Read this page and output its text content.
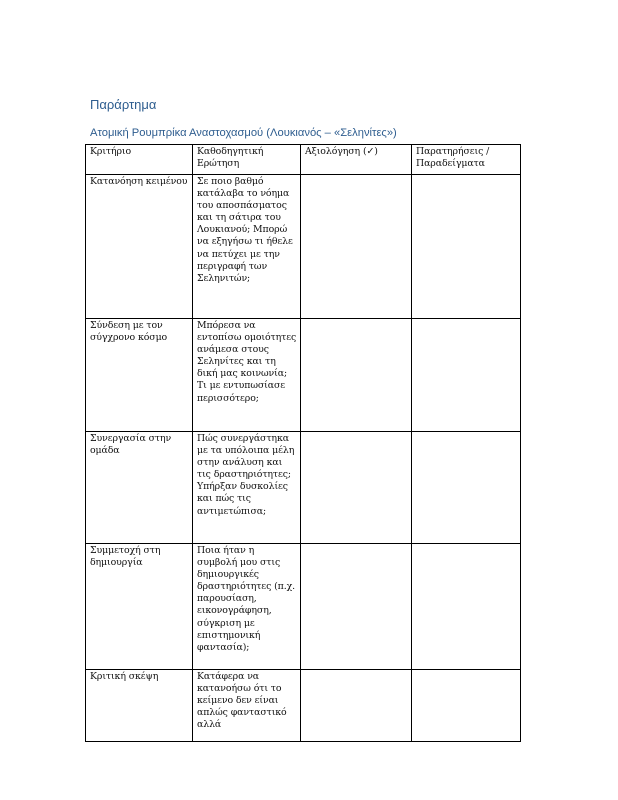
Παράρτημα
Ατομική Ρουμπρίκα Αναστοχασμού (Λουκιανός – «Σεληνίτες»)
Κριτήριο	Καθοδηγητική Ερώτηση	Αξιολόγηση (✓)	Παρατηρήσεις / Παραδείγματα
Κατανόηση κειμένου	Σε ποιο βαθμό κατάλαβα το νόημα του αποσπάσματος και τη σάτιρα του Λουκιανού; Μπορώ να εξηγήσω τι ήθελε να πετύχει με την περιγραφή των Σεληνιτών;		
Σύνδεση με τον σύγχρονο κόσμο	Μπόρεσα να εντοπίσω ομοιότητες ανάμεσα στους Σεληνίτες και τη δική μας κοινωνία; Τι με εντυπωσίασε περισσότερο;		
Συνεργασία στην ομάδα	Πώς συνεργάστηκα με τα υπόλοιπα μέλη στην ανάλυση και τις δραστηριότητες; Υπήρξαν δυσκολίες και πώς τις αντιμετώπισα;		
Συμμετοχή στη δημιουργία	Ποια ήταν η συμβολή μου στις δημιουργικές δραστηριότητες (π.χ. παρουσίαση, εικονογράφηση, σύγκριση με επιστημονική φαντασία);		
Κριτική σκέψη	Κατάφερα να κατανοήσω ότι το κείμενο δεν είναι απλώς φανταστικό αλλά		
